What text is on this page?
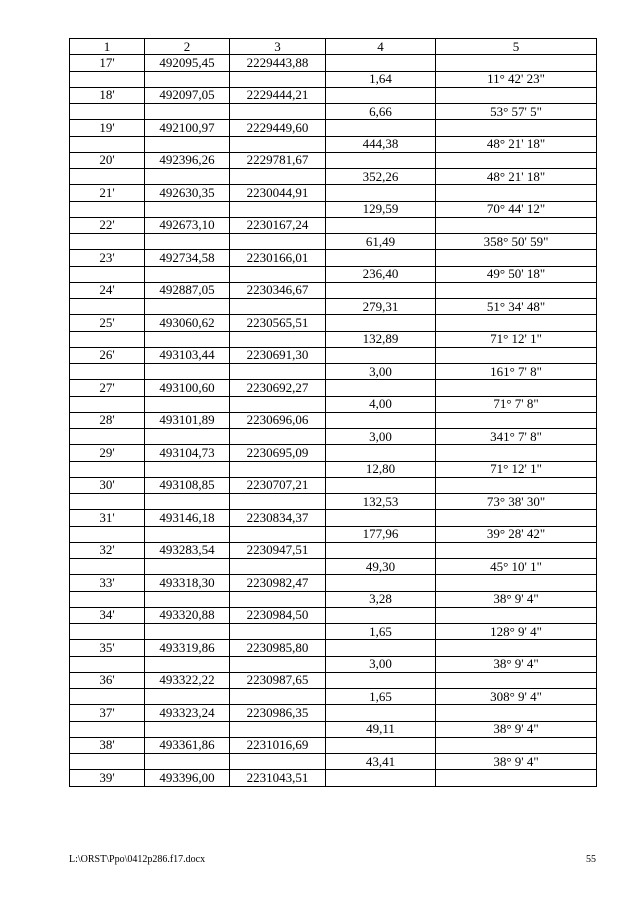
1	2	3	4	5
17'	492095,45	2229443,88		
			1,64	11° 42' 23"
18'	492097,05	2229444,21		
			6,66	53° 57' 5"
19'	492100,97	2229449,60		
			444,38	48° 21' 18"
20'	492396,26	2229781,67		
			352,26	48° 21' 18"
21'	492630,35	2230044,91		
			129,59	70° 44' 12"
22'	492673,10	2230167,24		
			61,49	358° 50' 59"
23'	492734,58	2230166,01		
			236,40	49° 50' 18"
24'	492887,05	2230346,67		
			279,31	51° 34' 48"
25'	493060,62	2230565,51		
			132,89	71° 12' 1"
26'	493103,44	2230691,30		
			3,00	161° 7' 8"
27'	493100,60	2230692,27		
			4,00	71° 7' 8"
28'	493101,89	2230696,06		
			3,00	341° 7' 8"
29'	493104,73	2230695,09		
			12,80	71° 12' 1"
30'	493108,85	2230707,21		
			132,53	73° 38' 30"
31'	493146,18	2230834,37		
			177,96	39° 28' 42"
32'	493283,54	2230947,51		
			49,30	45° 10' 1"
33'	493318,30	2230982,47		
			3,28	38° 9' 4"
34'	493320,88	2230984,50		
			1,65	128° 9' 4"
35'	493319,86	2230985,80		
			3,00	38° 9' 4"
36'	493322,22	2230987,65		
			1,65	308° 9' 4"
37'	493323,24	2230986,35		
			49,11	38° 9' 4"
38'	493361,86	2231016,69		
			43,41	38° 9' 4"
39'	493396,00	2231043,51		
L:\ORST\Ppo\0412p286.f17.docx	55
